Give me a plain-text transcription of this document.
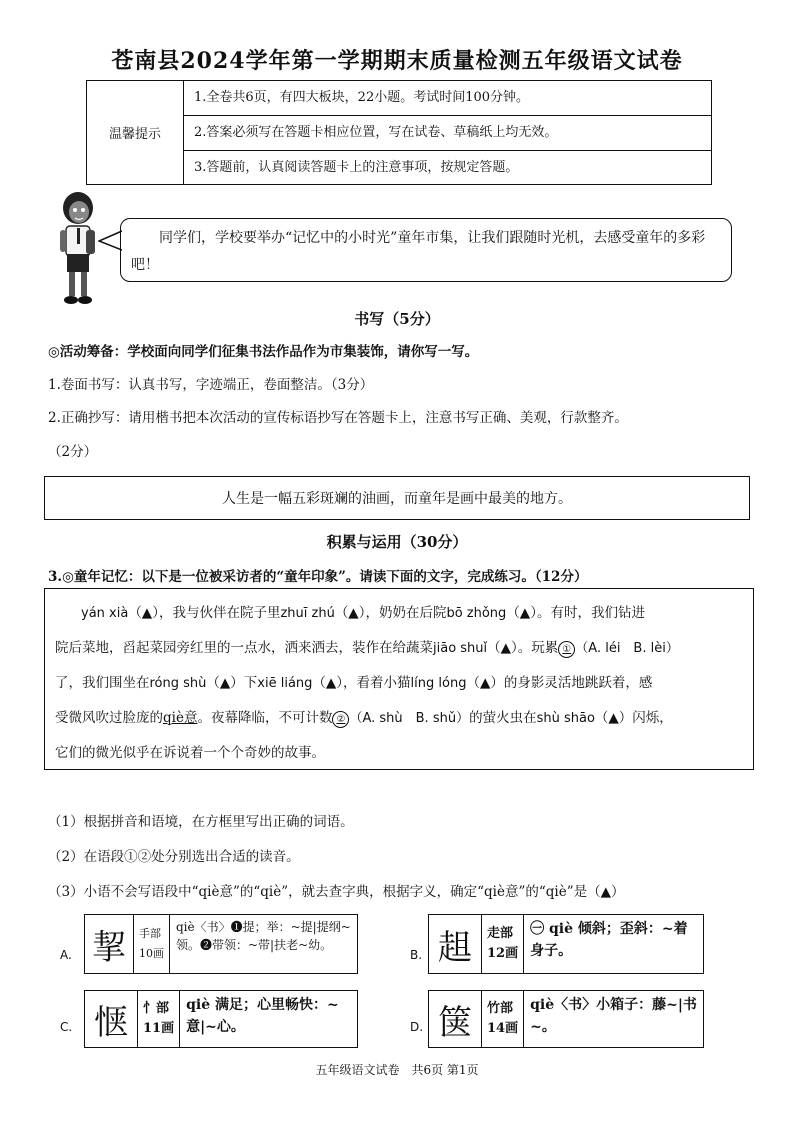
苍南县2024学年第一学期期末质量检测五年级语文试卷
温馨提示
1.全卷共6页，有四大板块，22小题。考试时间100分钟。
2.答案必须写在答题卡相应位置，写在试卷、草稿纸上均无效。
3.答题前，认真阅读答题卡上的注意事项，按规定答题。
同学们，学校要举办“记忆中的小时光”童年市集，让我们跟随时光机，去感受童年的多彩吧！
书写（5分）
◎活动筹备：学校面向同学们征集书法作品作为市集装饰，请你写一写。
1.卷面书写：认真书写，字迹端正，卷面整洁。（3分）
2.正确抄写：请用楷书把本次活动的宣传标语抄写在答题卡上，注意书写正确、美观，行款整齐。
（2分）
人生是一幅五彩斑斓的油画，而童年是画中最美的地方。
积累与运用（30分）
3.◎童年记忆：以下是一位被采访者的“童年印象”。请读下面的文字，完成练习。（12分）

yán xià（▲），我与伙伴在院子里zhuī zhú（▲），奶奶在后院bō zhǒng（▲）。有时，我们钻进

院后菜地，舀起菜园旁红里的一点水，洒来洒去，装作在给蔬菜jiāo shuǐ（▲）。玩累 ① （A. léi　B. lèi）

了，我们围坐在róng shù（▲）下xiē liáng（▲），看着小猫líng lóng（▲）的身影灵活地跳跃着，感

受微风吹过脸庞的qiè意。夜幕降临，不可计数 ② （A. shù　B. shǔ）的萤火虫在shù shāo（▲）闪烁，

它们的微光似乎在诉说着一个个奇妙的故事。

（1）根据拼音和语境，在方框里写出正确的词语。
（2）在语段①②处分别选出合适的读音。
（3）小语不会写语段中“qiè意”的“qiè”，就去查字典，根据字义，确定“qiè意”的“qiè”是（▲）
A. 挈	手部
10画
qiè〈书〉❶提；举：~提|提纲~领。❷带领：~带|扶老~幼。
B. 趄	走部
12画
㊀ qiè 倾斜；歪斜：~着身子。
C. 惬	忄部
11画
qiè 满足；心里畅快：~意|~心。	D. 箧	竹部
14画
qiè〈书〉小箱子：藤~|书~。
五年级语文试卷　共6页 第1页
